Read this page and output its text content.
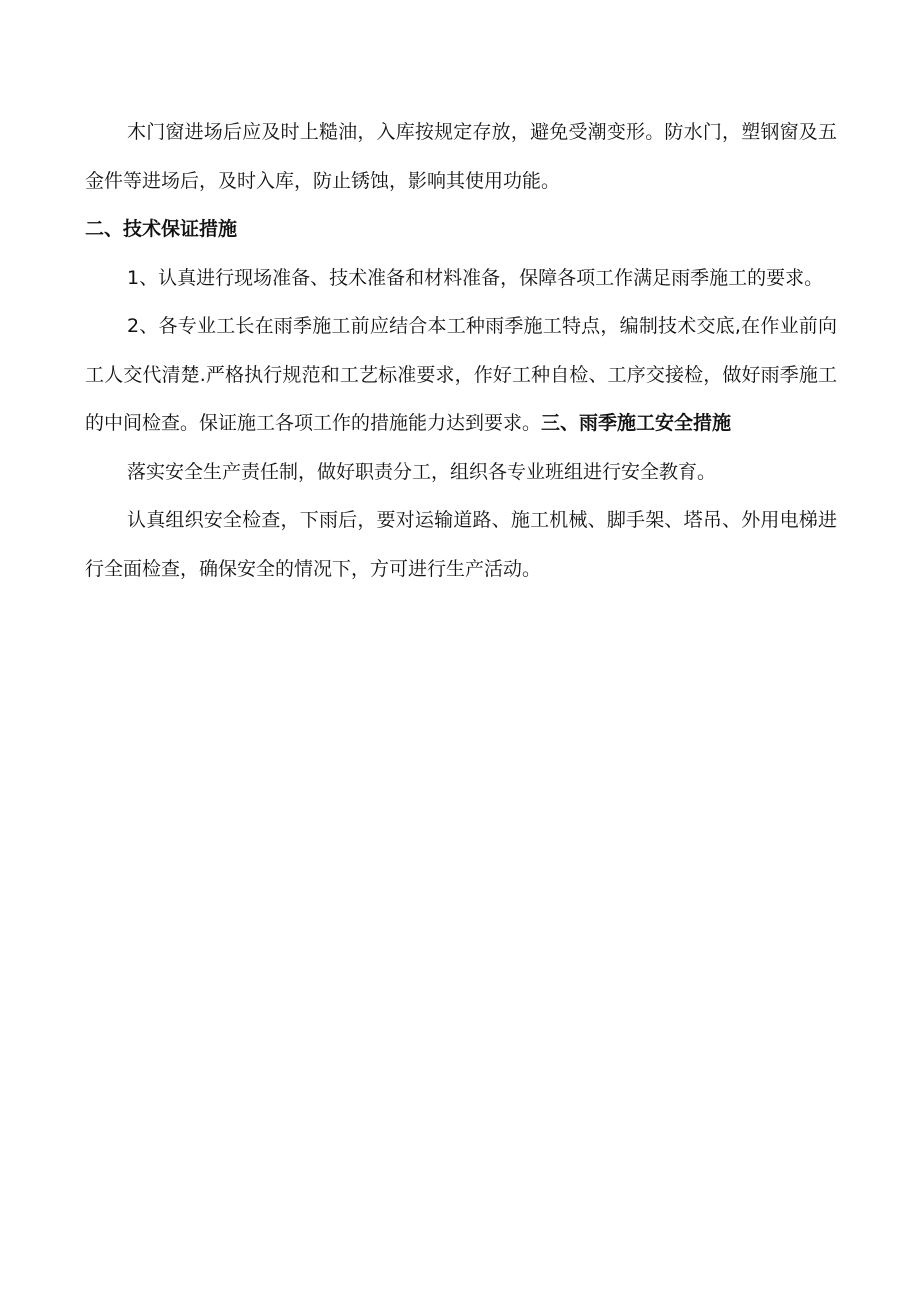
木门窗进场后应及时上糙油，入库按规定存放，避免受潮变形。防水门，塑钢窗及五金件等进场后，及时入库，防止锈蚀，影响其使用功能。

二、技术保证措施

1、认真进行现场准备、技术准备和材料准备，保障各项工作满足雨季施工的要求。

2、各专业工长在雨季施工前应结合本工种雨季施工特点，编制技术交底,在作业前向工人交代清楚.严格执行规范和工艺标准要求，作好工种自检、工序交接检，做好雨季施工的中间检查。保证施工各项工作的措施能力达到要求。三、雨季施工安全措施

落实安全生产责任制，做好职责分工，组织各专业班组进行安全教育。

认真组织安全检查，下雨后，要对运输道路、施工机械、脚手架、塔吊、外用电梯进行全面检查，确保安全的情况下，方可进行生产活动。
